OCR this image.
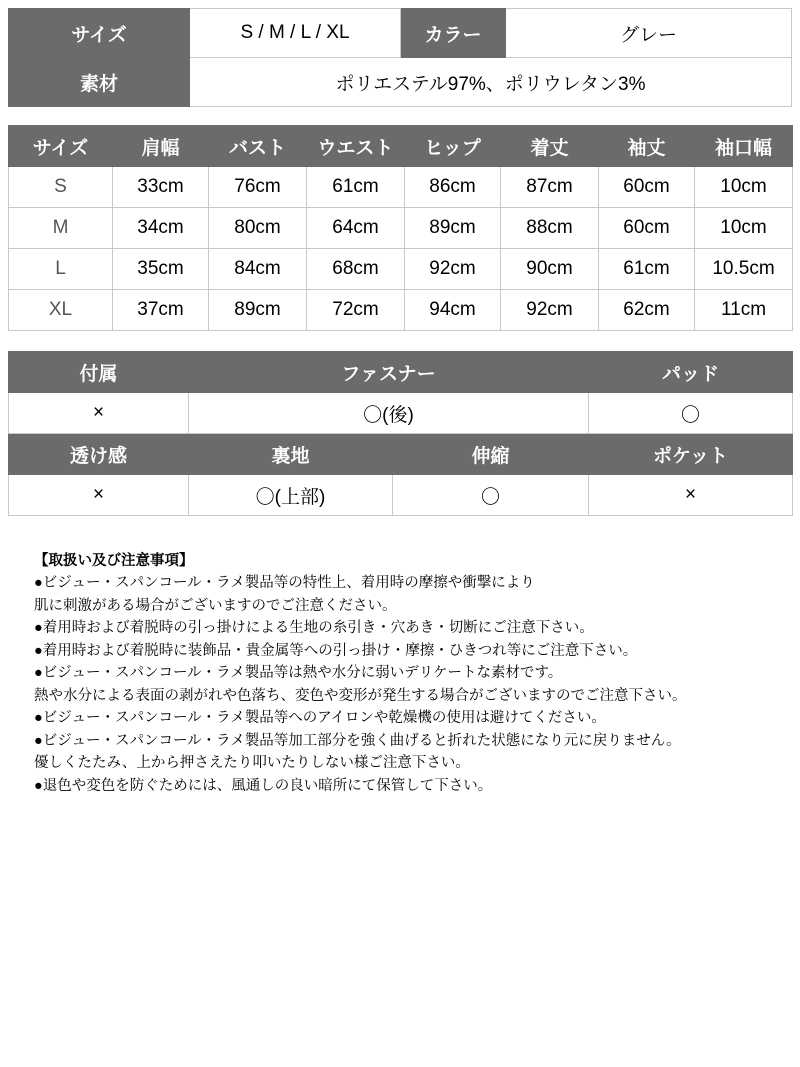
サイズ	S / M / L / XL	カラー	グレー
素材	ポリエステル97%、ポリウレタン3%		
サイズ	肩幅	バスト	ウエスト	ヒップ	着丈	袖丈	袖口幅
S	33cm	76cm	61cm	86cm	87cm	60cm	10cm
M	34cm	80cm	64cm	89cm	88cm	60cm	10cm
L	35cm	84cm	68cm	92cm	90cm	61cm	10.5cm
XL	37cm	89cm	72cm	94cm	92cm	62cm	11cm
付属	ファスナー		パッド
×	〇(後)		〇
透け感	裏地	伸縮	ポケット
×	〇(上部)	〇	×
【取扱い及び注意事項】
●ビジュー・スパンコール・ラメ製品等の特性上、着用時の摩擦や衝撃により
肌に刺激がある場合がございますのでご注意ください。
●着用時および着脱時の引っ掛けによる生地の糸引き・穴あき・切断にご注意下さい。
●着用時および着脱時に装飾品・貴金属等への引っ掛け・摩擦・ひきつれ等にご注意下さい。
●ビジュー・スパンコール・ラメ製品等は熱や水分に弱いデリケートな素材です。
熱や水分による表面の剥がれや色落ち、変色や変形が発生する場合がございますのでご注意下さい。
●ビジュー・スパンコール・ラメ製品等へのアイロンや乾燥機の使用は避けてください。
●ビジュー・スパンコール・ラメ製品等加工部分を強く曲げると折れた状態になり元に戻りません。
優しくたたみ、上から押さえたり叩いたりしない様ご注意下さい。
●退色や変色を防ぐためには、風通しの良い暗所にて保管して下さい。
